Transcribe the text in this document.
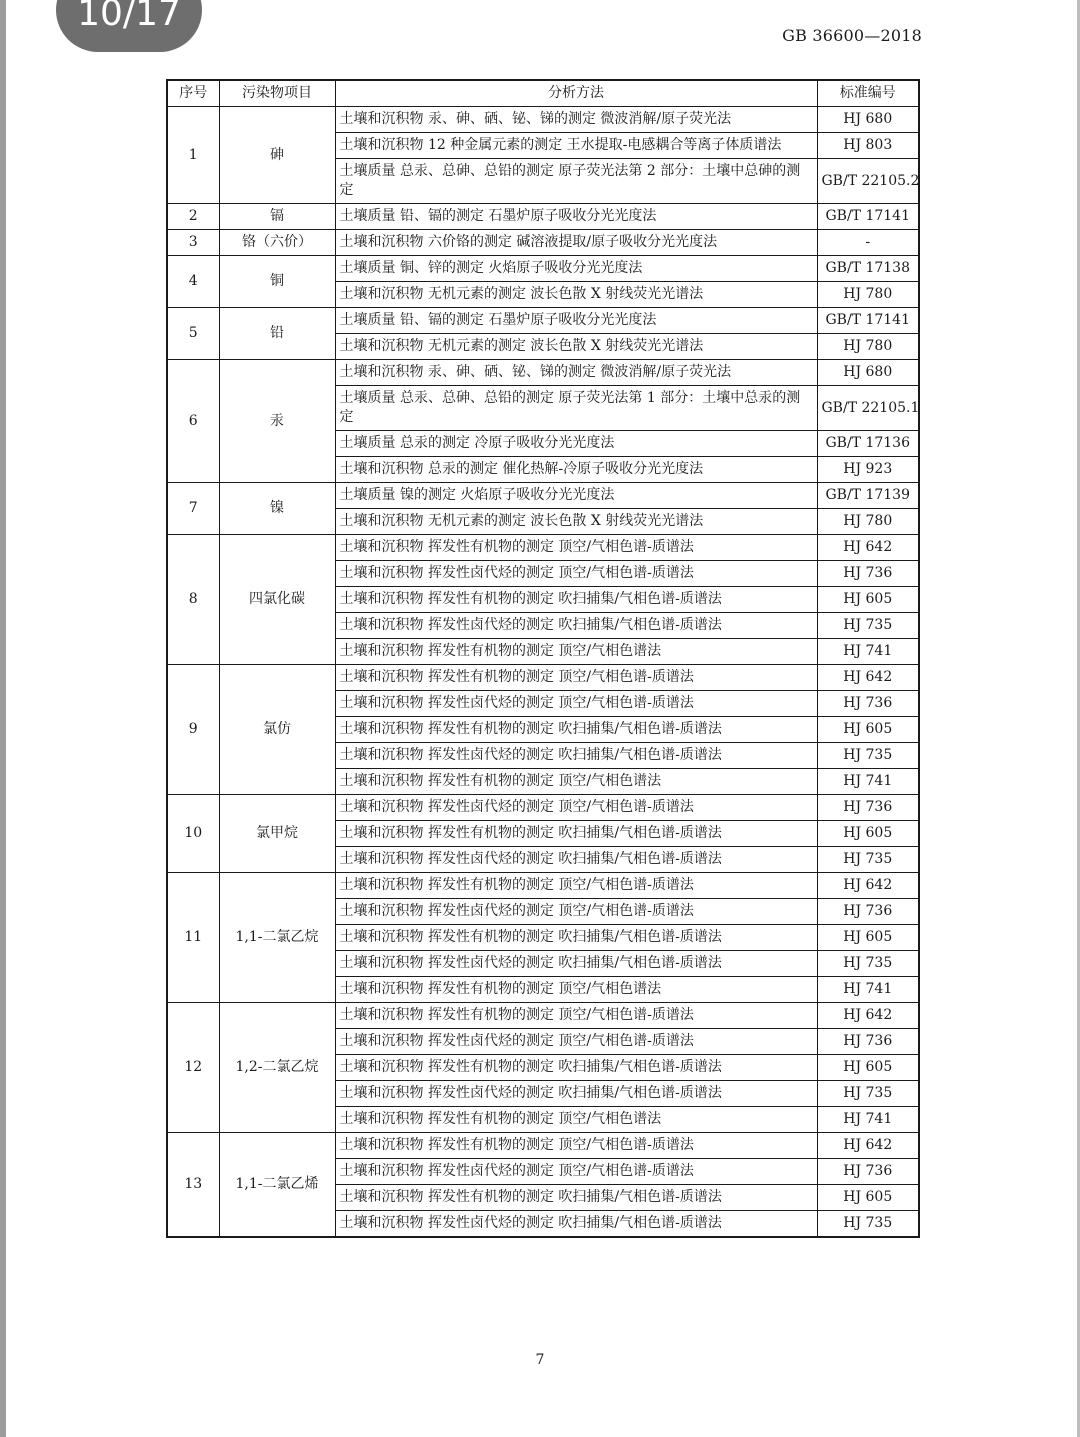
10/17
GB 36600—2018
序号	污染物项目	分析方法	标准编号
1	砷	土壤和沉积物 汞、砷、硒、铋、锑的测定 微波消解/原子荧光法	HJ 680
		土壤和沉积物 12 种金属元素的测定 王水提取-电感耦合等离子体质谱法	HJ 803
		土壤质量 总汞、总砷、总铅的测定 原子荧光法第 2 部分：土壤中总砷的测定	GB/T 22105.2
2	镉	土壤质量 铅、镉的测定 石墨炉原子吸收分光光度法	GB/T 17141
3	铬（六价）	土壤和沉积物 六价铬的测定 碱溶液提取/原子吸收分光光度法	-
4	铜	土壤质量 铜、锌的测定 火焰原子吸收分光光度法	GB/T 17138
		土壤和沉积物 无机元素的测定 波长色散 X 射线荧光光谱法	HJ 780
5	铅	土壤质量 铅、镉的测定 石墨炉原子吸收分光光度法	GB/T 17141
		土壤和沉积物 无机元素的测定 波长色散 X 射线荧光光谱法	HJ 780
6	汞	土壤和沉积物 汞、砷、硒、铋、锑的测定 微波消解/原子荧光法	HJ 680
		土壤质量 总汞、总砷、总铅的测定 原子荧光法第 1 部分：土壤中总汞的测定	GB/T 22105.1
		土壤质量 总汞的测定 冷原子吸收分光光度法	GB/T 17136
		土壤和沉积物 总汞的测定 催化热解-冷原子吸收分光光度法	HJ 923
7	镍	土壤质量 镍的测定 火焰原子吸收分光光度法	GB/T 17139
		土壤和沉积物 无机元素的测定 波长色散 X 射线荧光光谱法	HJ 780
8	四氯化碳	土壤和沉积物 挥发性有机物的测定 顶空/气相色谱-质谱法	HJ 642
		土壤和沉积物 挥发性卤代烃的测定 顶空/气相色谱-质谱法	HJ 736
		土壤和沉积物 挥发性有机物的测定 吹扫捕集/气相色谱-质谱法	HJ 605
		土壤和沉积物 挥发性卤代烃的测定 吹扫捕集/气相色谱-质谱法	HJ 735
		土壤和沉积物 挥发性有机物的测定 顶空/气相色谱法	HJ 741
9	氯仿	土壤和沉积物 挥发性有机物的测定 顶空/气相色谱-质谱法	HJ 642
		土壤和沉积物 挥发性卤代烃的测定 顶空/气相色谱-质谱法	HJ 736
		土壤和沉积物 挥发性有机物的测定 吹扫捕集/气相色谱-质谱法	HJ 605
		土壤和沉积物 挥发性卤代烃的测定 吹扫捕集/气相色谱-质谱法	HJ 735
		土壤和沉积物 挥发性有机物的测定 顶空/气相色谱法	HJ 741
10	氯甲烷	土壤和沉积物 挥发性卤代烃的测定 顶空/气相色谱-质谱法	HJ 736
		土壤和沉积物 挥发性有机物的测定 吹扫捕集/气相色谱-质谱法	HJ 605
		土壤和沉积物 挥发性卤代烃的测定 吹扫捕集/气相色谱-质谱法	HJ 735
11	1,1-二氯乙烷	土壤和沉积物 挥发性有机物的测定 顶空/气相色谱-质谱法	HJ 642
		土壤和沉积物 挥发性卤代烃的测定 顶空/气相色谱-质谱法	HJ 736
		土壤和沉积物 挥发性有机物的测定 吹扫捕集/气相色谱-质谱法	HJ 605
		土壤和沉积物 挥发性卤代烃的测定 吹扫捕集/气相色谱-质谱法	HJ 735
		土壤和沉积物 挥发性有机物的测定 顶空/气相色谱法	HJ 741
12	1,2-二氯乙烷	土壤和沉积物 挥发性有机物的测定 顶空/气相色谱-质谱法	HJ 642
		土壤和沉积物 挥发性卤代烃的测定 顶空/气相色谱-质谱法	HJ 736
		土壤和沉积物 挥发性有机物的测定 吹扫捕集/气相色谱-质谱法	HJ 605
		土壤和沉积物 挥发性卤代烃的测定 吹扫捕集/气相色谱-质谱法	HJ 735
		土壤和沉积物 挥发性有机物的测定 顶空/气相色谱法	HJ 741
13	1,1-二氯乙烯	土壤和沉积物 挥发性有机物的测定 顶空/气相色谱-质谱法	HJ 642
		土壤和沉积物 挥发性卤代烃的测定 顶空/气相色谱-质谱法	HJ 736
		土壤和沉积物 挥发性有机物的测定 吹扫捕集/气相色谱-质谱法	HJ 605
		土壤和沉积物 挥发性卤代烃的测定 吹扫捕集/气相色谱-质谱法	HJ 735
7
